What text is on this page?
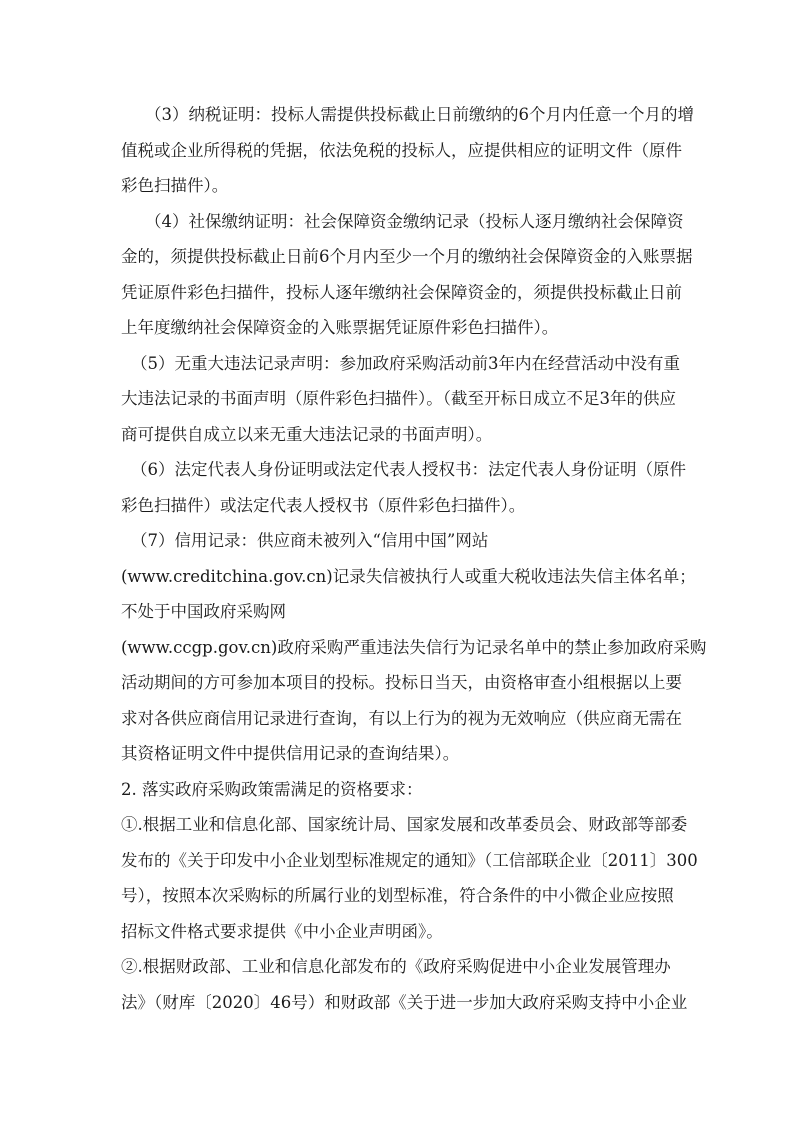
（3）纳税证明：投标人需提供投标截止日前缴纳的6个月内任意一个月的增
值税或企业所得税的凭据，依法免税的投标人，应提供相应的证明文件（原件
彩色扫描件）。
（4）社保缴纳证明：社会保障资金缴纳记录（投标人逐月缴纳社会保障资
金的，须提供投标截止日前6个月内至少一个月的缴纳社会保障资金的入账票据
凭证原件彩色扫描件，投标人逐年缴纳社会保障资金的，须提供投标截止日前
上年度缴纳社会保障资金的入账票据凭证原件彩色扫描件）。
（5）无重大违法记录声明：参加政府采购活动前3年内在经营活动中没有重
大违法记录的书面声明（原件彩色扫描件）。（截至开标日成立不足3年的供应
商可提供自成立以来无重大违法记录的书面声明）。
（6）法定代表人身份证明或法定代表人授权书：法定代表人身份证明（原件
彩色扫描件）或法定代表人授权书（原件彩色扫描件）。
（7）信用记录：供应商未被列入“信用中国”网站
(www.creditchina.gov.cn)记录失信被执行人或重大税收违法失信主体名单；
不处于中国政府采购网
(www.ccgp.gov.cn)政府采购严重违法失信行为记录名单中的禁止参加政府采购
活动期间的方可参加本项目的投标。投标日当天，由资格审查小组根据以上要
求对各供应商信用记录进行查询，有以上行为的视为无效响应（供应商无需在
其资格证明文件中提供信用记录的查询结果）。
2. 落实政府采购政策需满足的资格要求：
①.根据工业和信息化部、国家统计局、国家发展和改革委员会、财政部等部委
发布的《关于印发中小企业划型标准规定的通知》（工信部联企业〔2011〕300
号），按照本次采购标的所属行业的划型标准，符合条件的中小微企业应按照
招标文件格式要求提供《中小企业声明函》。
②.根据财政部、工业和信息化部发布的《政府采购促进中小企业发展管理办
法》（财库〔2020〕46号）和财政部《关于进一步加大政府采购支持中小企业
